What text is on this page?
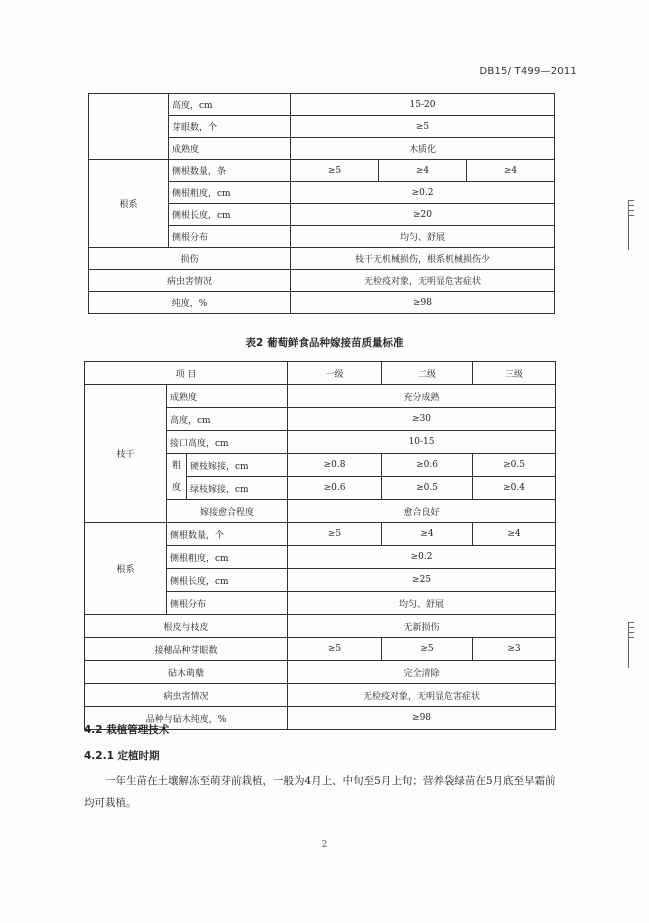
DB15/ T499—2011
	高度，cm	15-20		
	芽眼数，个	≥5		
	成熟度	木质化		
根系	侧根数量，条	≥5	≥4	≥4
	侧根粗度，cm	≥0.2		
	侧根长度，cm	≥20		
	侧根分布	均匀、舒展		
损伤		枝干无机械损伤，根系机械损伤少		
病虫害情况		无检疫对象，无明显危害症状		
纯度，%		≥98		
表2 葡萄鲜食品种嫁接苗质量标准
项 目			一级	二级	三级
枝干	成熟度		充分成熟		
	高度，cm		≥30		
	接口高度，cm		10-15		
	粗
度	硬枝嫁接，cm	≥0.8	≥0.6	≥0.5
		绿枝嫁接，cm	≥0.6	≥0.5	≥0.4
	嫁接愈合程度		愈合良好		
根系	侧根数量，个		≥5	≥4	≥4
	侧根粗度，cm		≥0.2		
	侧根长度，cm		≥25		
	侧根分布		均匀、舒展		
根皮与枝皮			无新损伤		
接穗品种芽眼数			≥5	≥5	≥3
砧木萌蘖			完全清除		
病虫害情况			无检疫对象，无明显危害症状		
品种与砧木纯度，%			≥98		
4.2 栽植管理技术
4.2.1 定植时期
一年生苗在土壤解冻至萌芽前栽植，一般为4月上、中旬至5月上旬；营养袋绿苗在5月底至早霜前均可栽植。
2
